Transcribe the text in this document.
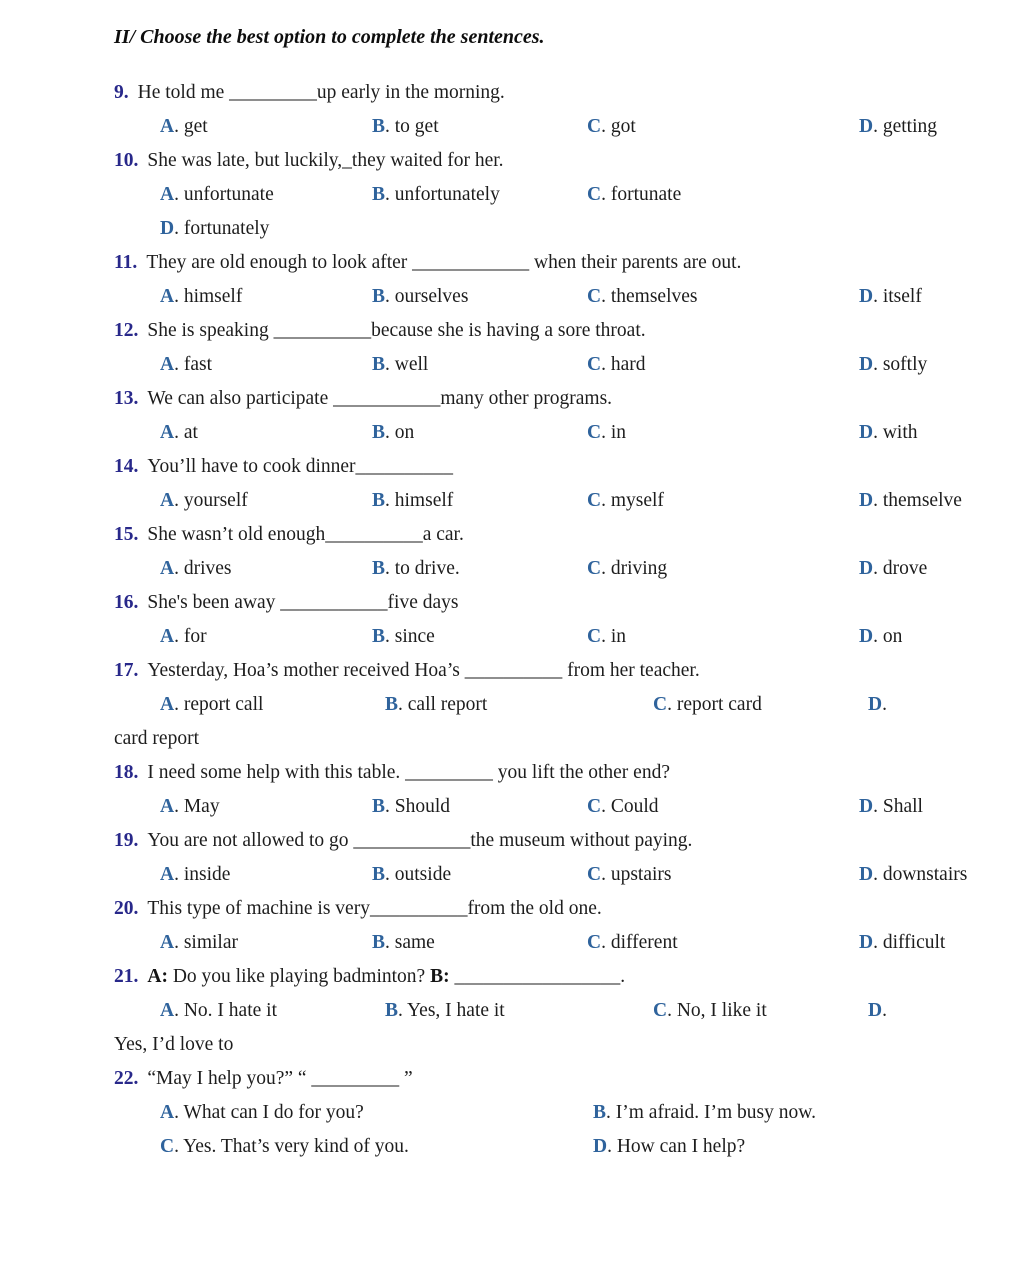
II/ Choose the best option to complete the sentences.
9. He told me _________up early in the morning.
A. get	B. to get	C. got	D. getting
10. She was late, but luckily,_they waited for her.
A. unfortunate	B. unfortunately	C. fortunate
D. fortunately
11. They are old enough to look after ____________ when their parents are out.
A. himself	B. ourselves	C. themselves	D. itself
12. She is speaking __________because she is having a sore throat.
A. fast	B. well	C. hard	D. softly
13. We can also participate ___________many other programs.
A. at	B. on	C. in	D. with
14. You’ll have to cook dinner__________
A. yourself	B. himself	C. myself	D. themselve
15. She wasn’t old enough__________a car.
A. drives	B. to drive.	C. driving	D. drove
16. She's been away ___________five days
A. for	B. since	C. in	D. on
17. Yesterday, Hoa’s mother received Hoa’s __________ from her teacher.
A. report call	B. call report	C. report card	D.
card report
18. I need some help with this table. _________ you lift the other end?
A. May	B. Should	C. Could	D. Shall
19. You are not allowed to go ____________the museum without paying.
A. inside	B. outside	C. upstairs	D. downstairs
20. This type of machine is very__________from the old one.
A. similar	B. same	C. different	D. difficult
21. A: Do you like playing badminton? B: _________________.
A. No. I hate it	B. Yes, I hate it	C. No, I like it	D.
Yes, I’d love to
22. “May I help you?” “ _________ ”
A. What can I do for you?	B. I’m afraid. I’m busy now.
C. Yes. That’s very kind of you.	D. How can I help?
